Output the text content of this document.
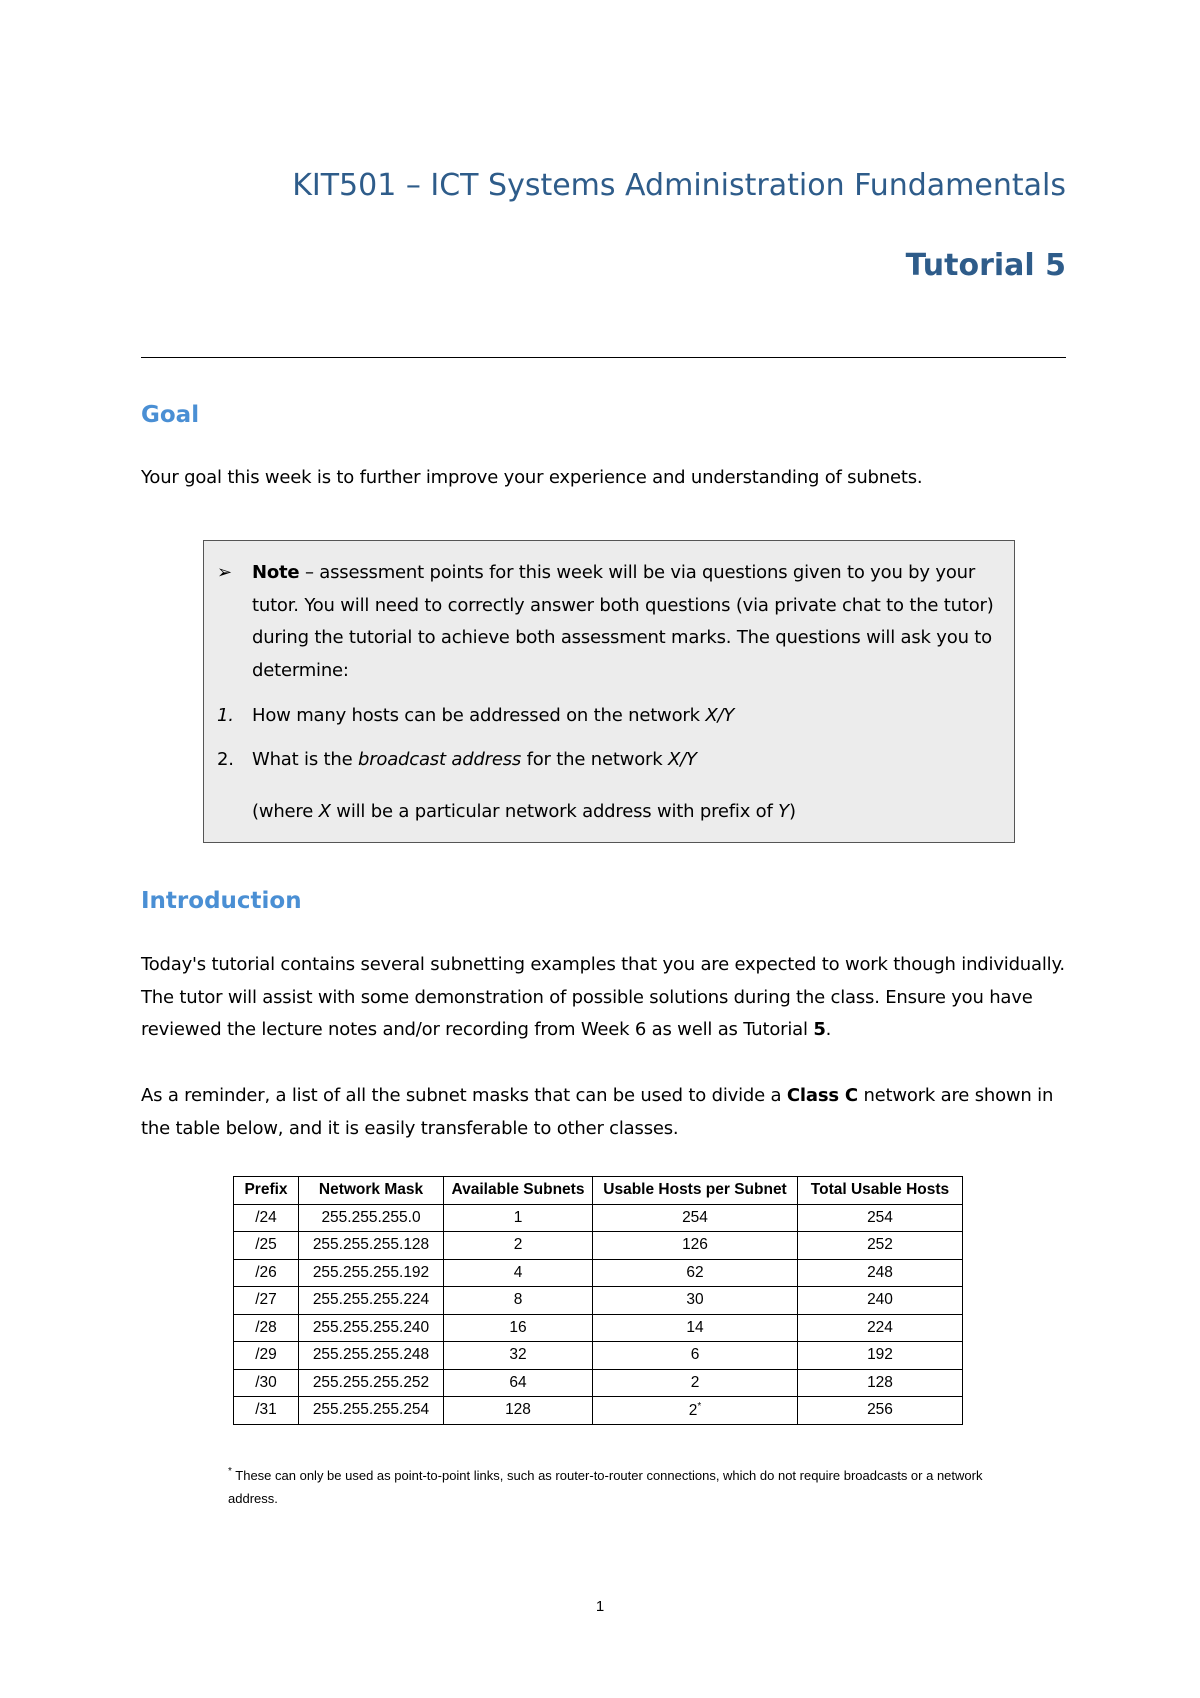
KIT501 – ICT Systems Administration Fundamentals
Tutorial 5
Goal

Your goal this week is to further improve your experience and understanding of subnets.

➢ Note – assessment points for this week will be via questions given to you by your tutor. You will need to correctly answer both questions (via private chat to the tutor) during the tutorial to achieve both assessment marks. The questions will ask you to determine:
1. How many hosts can be addressed on the network X/Y
2. What is the broadcast address for the network X/Y
(where X will be a particular network address with prefix of Y)
Introduction

Today's tutorial contains several subnetting examples that you are expected to work though individually. The tutor will assist with some demonstration of possible solutions during the class. Ensure you have reviewed the lecture notes and/or recording from Week 6 as well as Tutorial 5.

As a reminder, a list of all the subnet masks that can be used to divide a Class C network are shown in the table below, and it is easily transferable to other classes.

Prefix	Network Mask	Available Subnets	Usable Hosts per Subnet	Total Usable Hosts
/24	255.255.255.0	1	254	254
/25	255.255.255.128	2	126	252
/26	255.255.255.192	4	62	248
/27	255.255.255.224	8	30	240
/28	255.255.255.240	16	14	224
/29	255.255.255.248	32	6	192
/30	255.255.255.252	64	2	128
/31	255.255.255.254	128	2*	256
* These can only be used as point-to-point links, such as router-to-router connections, which do not require broadcasts or a network address.
1
